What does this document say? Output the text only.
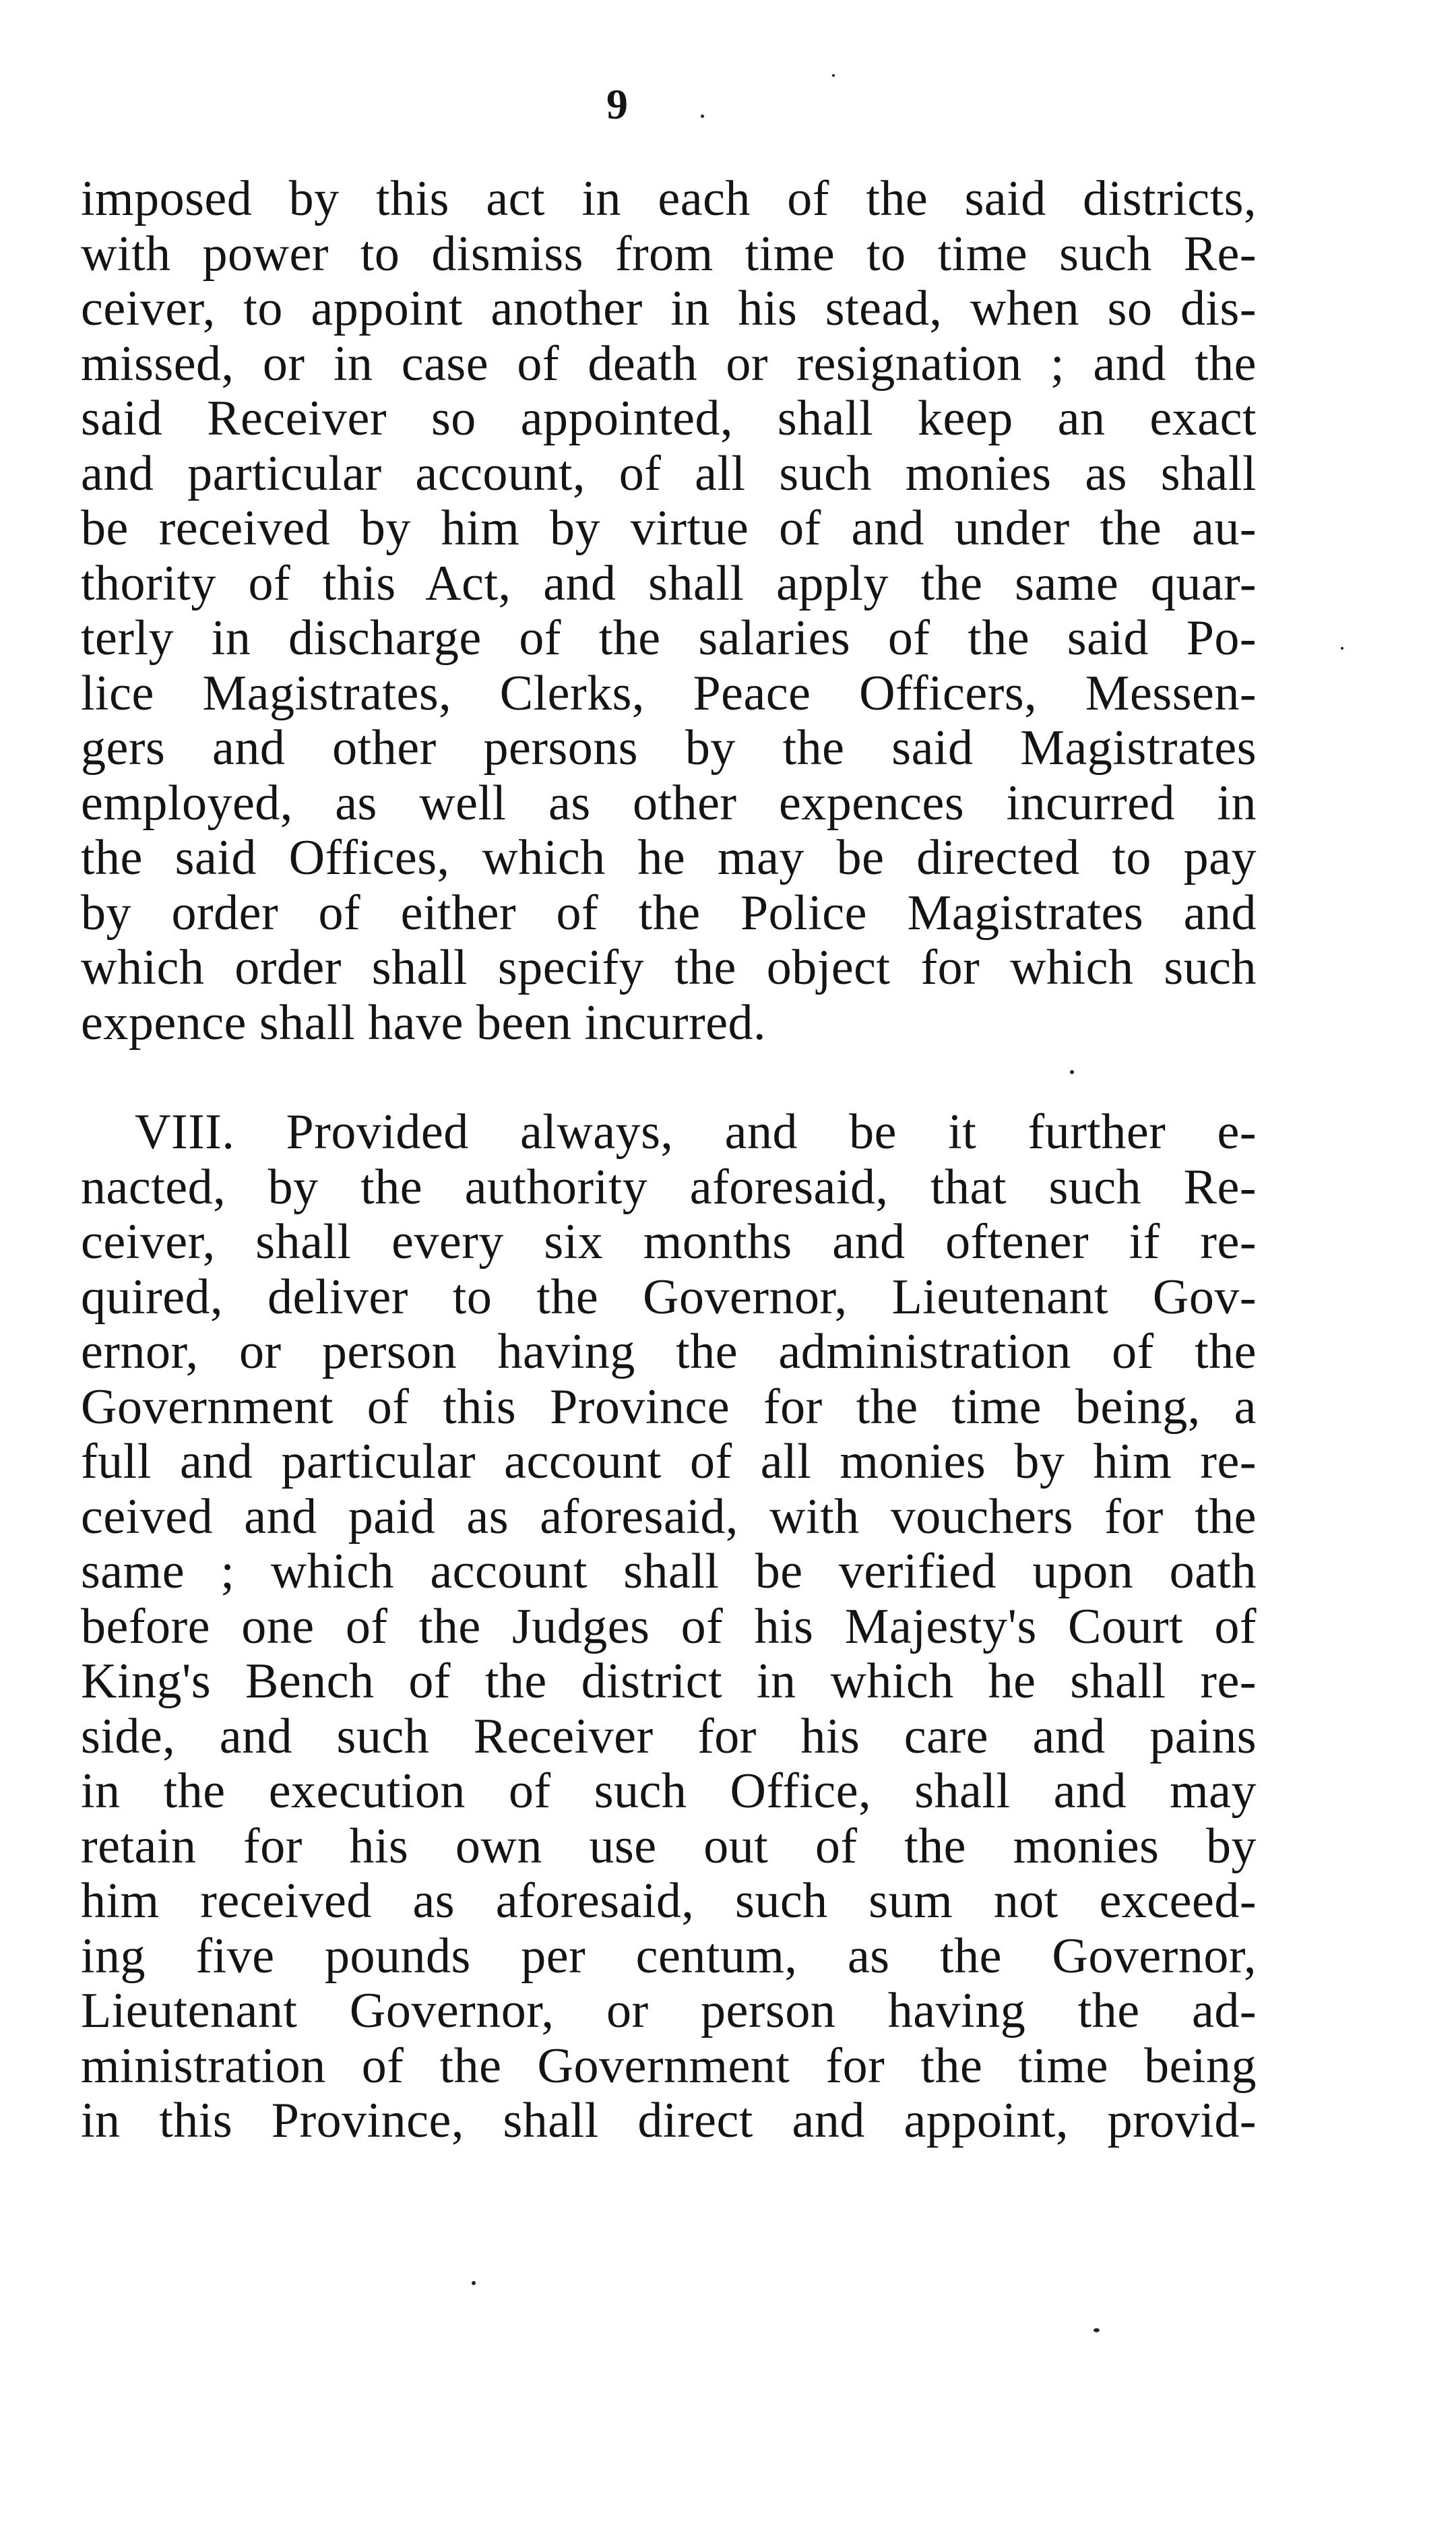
9
imposed by this act in each of the said districts,
with power to dismiss from time to time such Re-
ceiver, to appoint another in his stead, when so dis-
missed, or in case of death or resignation ; and the
said Receiver so appointed, shall keep an exact
and particular account, of all such monies as shall
be received by him by virtue of and under the au-
thority of this Act, and shall apply the same quar-
terly in discharge of the salaries of the said Po-
lice Magistrates, Clerks, Peace Officers, Messen-
gers and other persons by the said Magistrates
employed, as well as other expences incurred in
the said Offices, which he may be directed to pay
by order of either of the Police Magistrates and
which order shall specify the object for which such
expence shall have been incurred.
VIII. Provided always, and be it further e-
nacted, by the authority aforesaid, that such Re-
ceiver, shall every six months and oftener if re-
quired, deliver to the Governor, Lieutenant Gov-
ernor, or person having the administration of the
Government of this Province for the time being, a
full and particular account of all monies by him re-
ceived and paid as aforesaid, with vouchers for the
same ; which account shall be verified upon oath
before one of the Judges of his Majesty's Court of
King's Bench of the district in which he shall re-
side, and such Receiver for his care and pains
in the execution of such Office, shall and may
retain for his own use out of the monies by
him received as aforesaid, such sum not exceed-
ing five pounds per centum, as the Governor,
Lieutenant Governor, or person having the ad-
ministration of the Government for the time being
in this Province, shall direct and appoint, provid-
